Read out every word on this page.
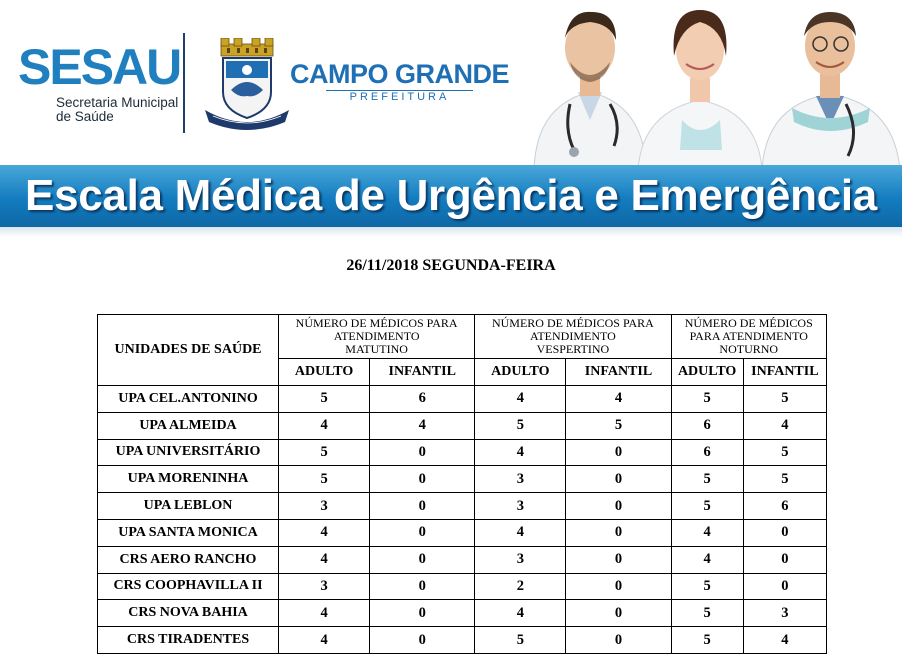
SESAU
Secretaria Municipal
de Saúde
CAMPO GRANDE
PREFEITURA
Escala Médica de Urgência e Emergência
26/11/2018 SEGUNDA-FEIRA
UNIDADES DE SAÚDE	NÚMERO DE MÉDICOS PARA
ATENDIMENTO
MATUTINO		NÚMERO DE MÉDICOS PARA
ATENDIMENTO
VESPERTINO		NÚMERO DE MÉDICOS
PARA ATENDIMENTO
NOTURNO	

	ADULTO	INFANTIL	ADULTO	INFANTIL	ADULTO	INFANTIL
UPA CEL.ANTONINO	5	6	4	4	5	5
UPA ALMEIDA	4	4	5	5	6	4
UPA UNIVERSITÁRIO	5	0	4	0	6	5
UPA MORENINHA	5	0	3	0	5	5
UPA LEBLON	3	0	3	0	5	6
UPA SANTA MONICA	4	0	4	0	4	0
CRS AERO RANCHO	4	0	3	0	4	0
CRS COOPHAVILLA II	3	0	2	0	5	0
CRS NOVA BAHIA	4	0	4	0	5	3
CRS TIRADENTES	4	0	5	0	5	4
